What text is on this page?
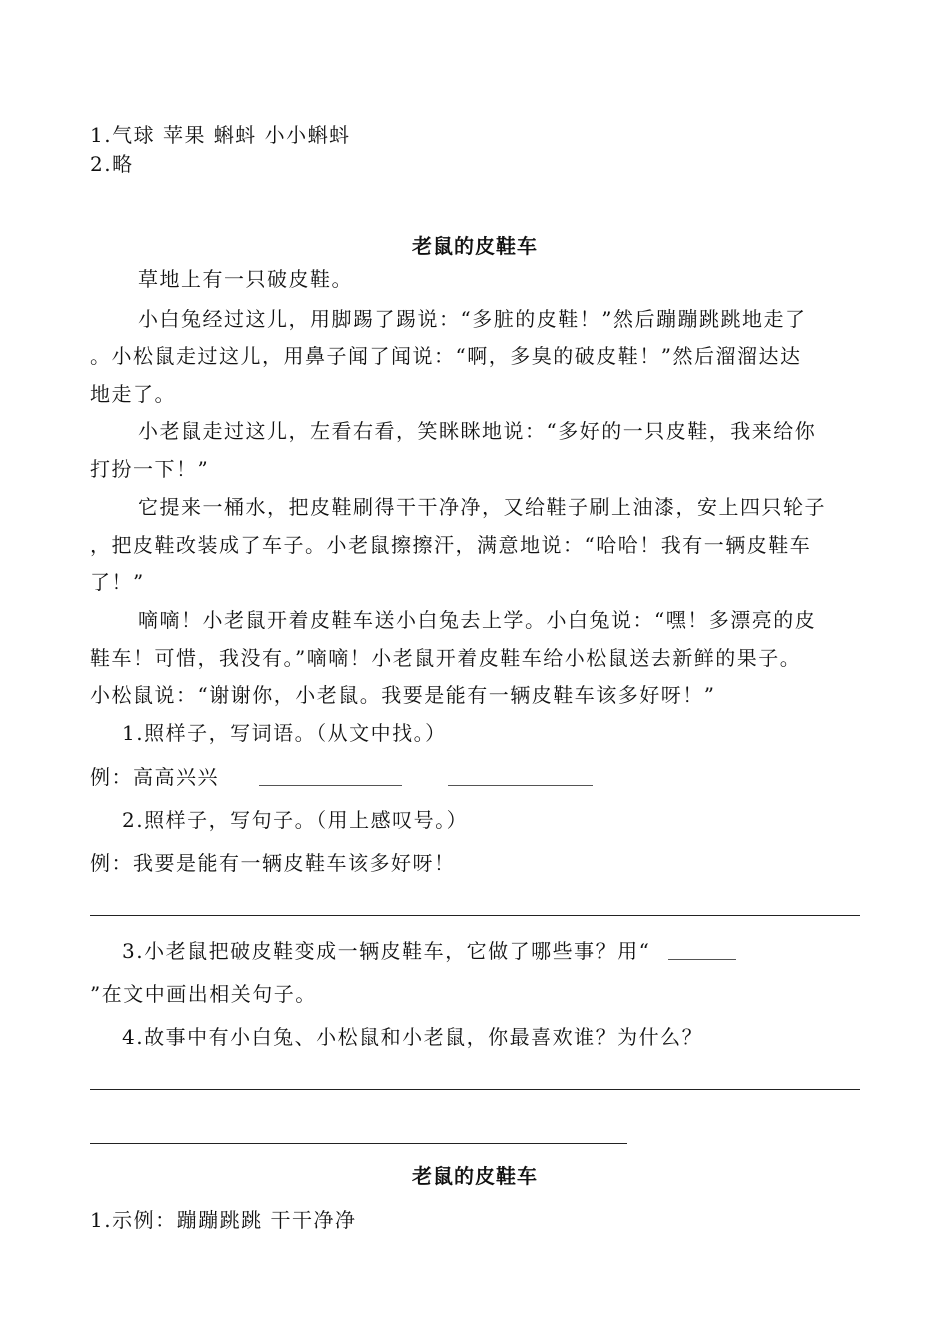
1.气球 苹果 蝌蚪 小小蝌蚪
2.略
老鼠的皮鞋车
草地上有一只破皮鞋。
小白兔经过这儿，用脚踢了踢说：“多脏的皮鞋！”然后蹦蹦跳跳地走了
。小松鼠走过这儿，用鼻子闻了闻说：“啊，多臭的破皮鞋！”然后溜溜达达
地走了。
小老鼠走过这儿，左看右看，笑眯眯地说：“多好的一只皮鞋，我来给你
打扮一下！”
它提来一桶水，把皮鞋刷得干干净净，又给鞋子刷上油漆，安上四只轮子
，把皮鞋改装成了车子。小老鼠擦擦汗，满意地说：“哈哈！我有一辆皮鞋车
了！”
嘀嘀！小老鼠开着皮鞋车送小白兔去上学。小白兔说：“嘿！多漂亮的皮
鞋车！可惜，我没有。”嘀嘀！小老鼠开着皮鞋车给小松鼠送去新鲜的果子。
小松鼠说：“谢谢你，小老鼠。我要是能有一辆皮鞋车该多好呀！”
1.照样子，写词语。（从文中找。）
例：高高兴兴
2.照样子，写句子。（用上感叹号。）
例：我要是能有一辆皮鞋车该多好呀！
3.小老鼠把破皮鞋变成一辆皮鞋车，它做了哪些事？用“
”在文中画出相关句子。
4.故事中有小白兔、小松鼠和小老鼠，你最喜欢谁？为什么？
老鼠的皮鞋车
1.示例：蹦蹦跳跳 干干净净
